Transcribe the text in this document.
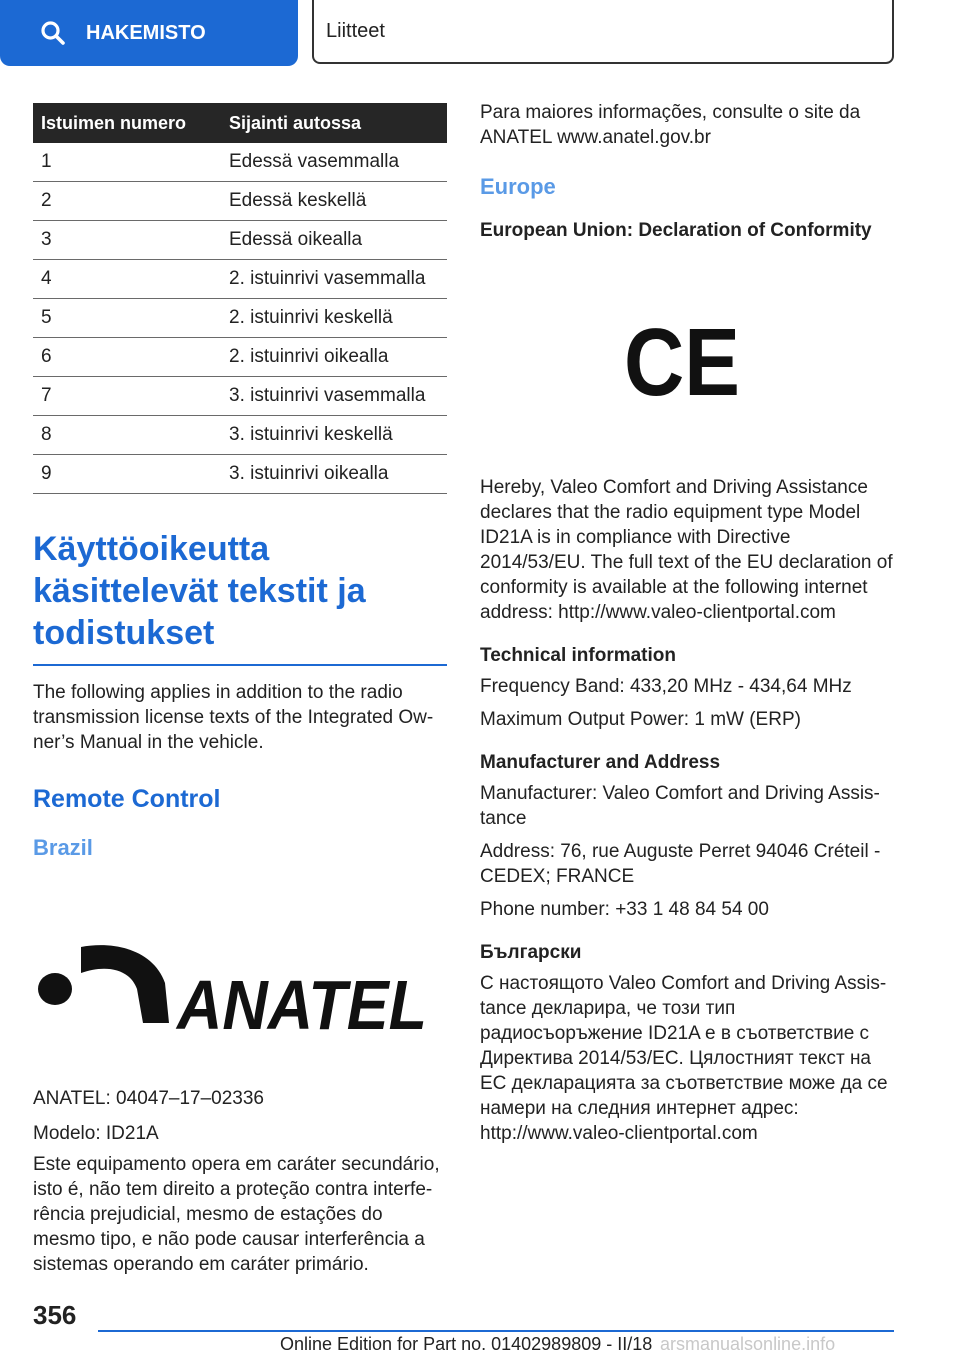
HAKEMISTO	Liitteet
Istuimen numero	Sijainti autossa
1	Edessä vasemmalla
2	Edessä keskellä
3	Edessä oikealla
4	2. istuinrivi vasemmalla
5	2. istuinrivi keskellä
6	2. istuinrivi oikealla
7	3. istuinrivi vasemmalla
8	3. istuinrivi keskellä
9	3. istuinrivi oikealla
Käyttöoikeutta käsittelevät tekstit ja todistukset

The following applies in addition to the radio transmission license texts of the Integrated Owner’s Manual in the vehicle.

Remote Control
Brazil
ANATEL

ANATEL: 04047–17–02336

Modelo: ID21A

Este equipamento opera em caráter secundário, isto é, não tem direito a proteção contra interferência prejudicial, mesmo de estações do mesmo tipo, e não pode causar interferência a sistemas operando em caráter primário.

Para maiores informações, consulte o site da ANATEL www.anatel.gov.br

Europe
European Union: Declaration of Conformity
CE

Hereby, Valeo Comfort and Driving Assistance declares that the radio equipment type Model ID21A is in compliance with Directive 2014/53/EU. The full text of the EU declaration of conformity is available at the following internet address: http://www.valeo-clientportal.com

Technical information

Frequency Band: 433,20 MHz - 434,64 MHz

Maximum Output Power: 1 mW (ERP)

Manufacturer and Address

Manufacturer: Valeo Comfort and Driving Assistance

Address: 76, rue Auguste Perret 94046 Créteil - CEDEX; FRANCE

Phone number: +33 1 48 84 54 00

Български

С настоящото Valeo Comfort and Driving Assistance декларира, че този тип радиосъоръжение ID21A е в съответствие с Директива 2014/53/ЕС. Цялостният текст на ЕС декларацията за съответствие може да се намери на следния интернет адрес: http://www.valeo-clientportal.com

356
Online Edition for Part no. 01402989809 - II/18 arsmanualsonline.info
